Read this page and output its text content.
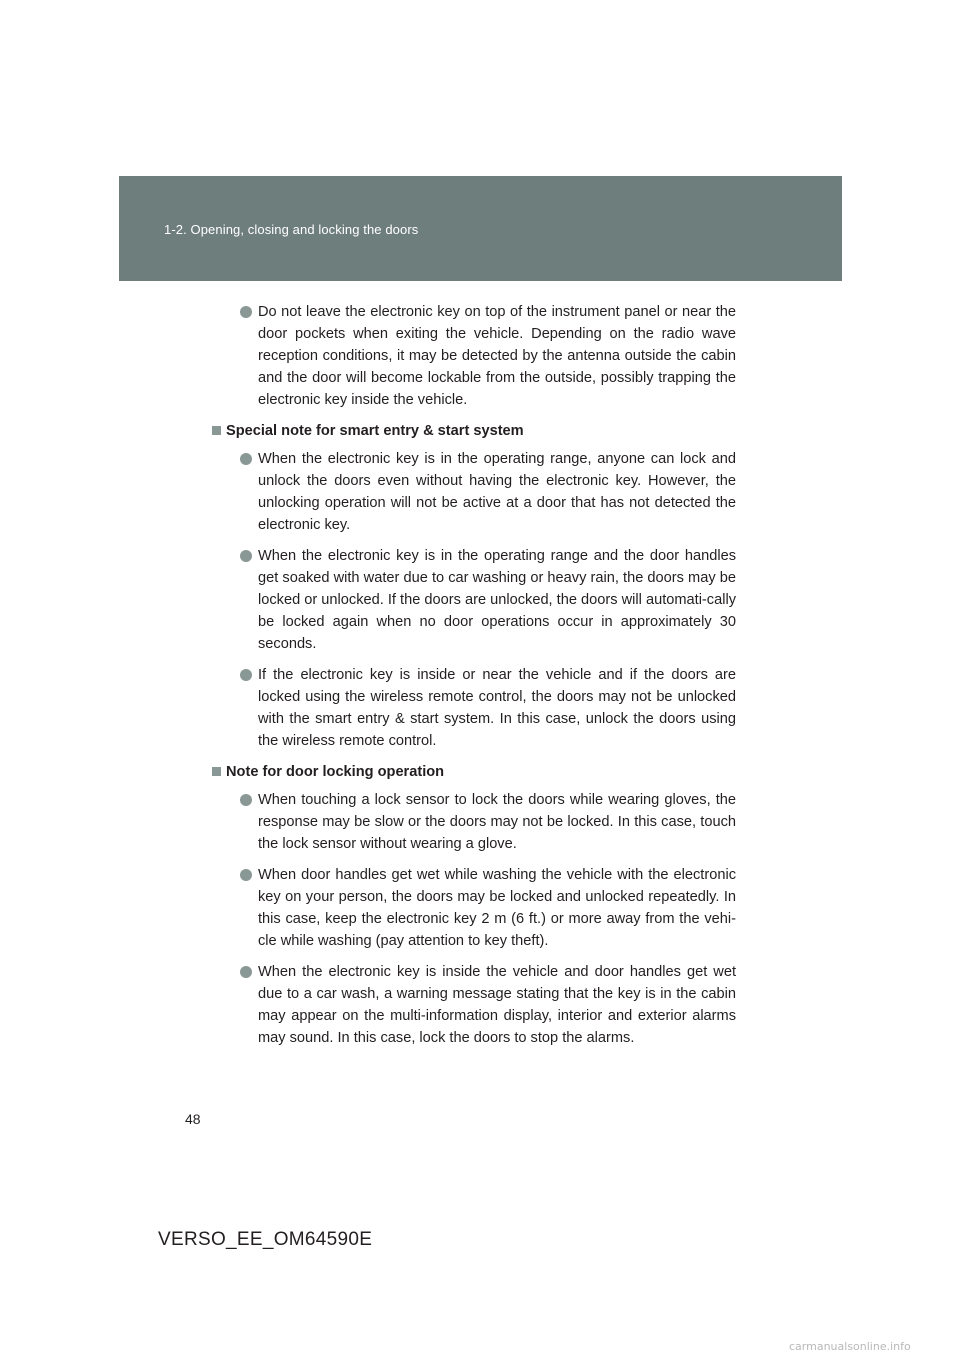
1-2. Opening, closing and locking the doors
Do not leave the electronic key on top of the instrument panel or near the door pockets when exiting the vehicle. Depending on the radio wave reception conditions, it may be detected by the antenna outside the cabin and the door will become lockable from the outside, possibly trapping the electronic key inside the vehicle.
Special note for smart entry & start system
When the electronic key is in the operating range, anyone can lock and unlock the doors even without having the electronic key. However, the unlocking operation will not be active at a door that has not detected the electronic key.
When the electronic key is in the operating range and the door handles get soaked with water due to car washing or heavy rain, the doors may be locked or unlocked. If the doors are unlocked, the doors will automati-cally be locked again when no door operations occur in approximately 30 seconds.
If the electronic key is inside or near the vehicle and if the doors are locked using the wireless remote control, the doors may not be unlocked with the smart entry & start system. In this case, unlock the doors using the wireless remote control.
Note for door locking operation
When touching a lock sensor to lock the doors while wearing gloves, the response may be slow or the doors may not be locked. In this case, touch the lock sensor without wearing a glove.
When door handles get wet while washing the vehicle with the electronic key on your person, the doors may be locked and unlocked repeatedly. In this case, keep the electronic key 2 m (6 ft.) or more away from the vehi-cle while washing (pay attention to key theft).
When the electronic key is inside the vehicle and door handles get wet due to a car wash, a warning message stating that the key is in the cabin may appear on the multi-information display, interior and exterior alarms may sound. In this case, lock the doors to stop the alarms.
48
VERSO_EE_OM64590E
carmanualsonline.info
